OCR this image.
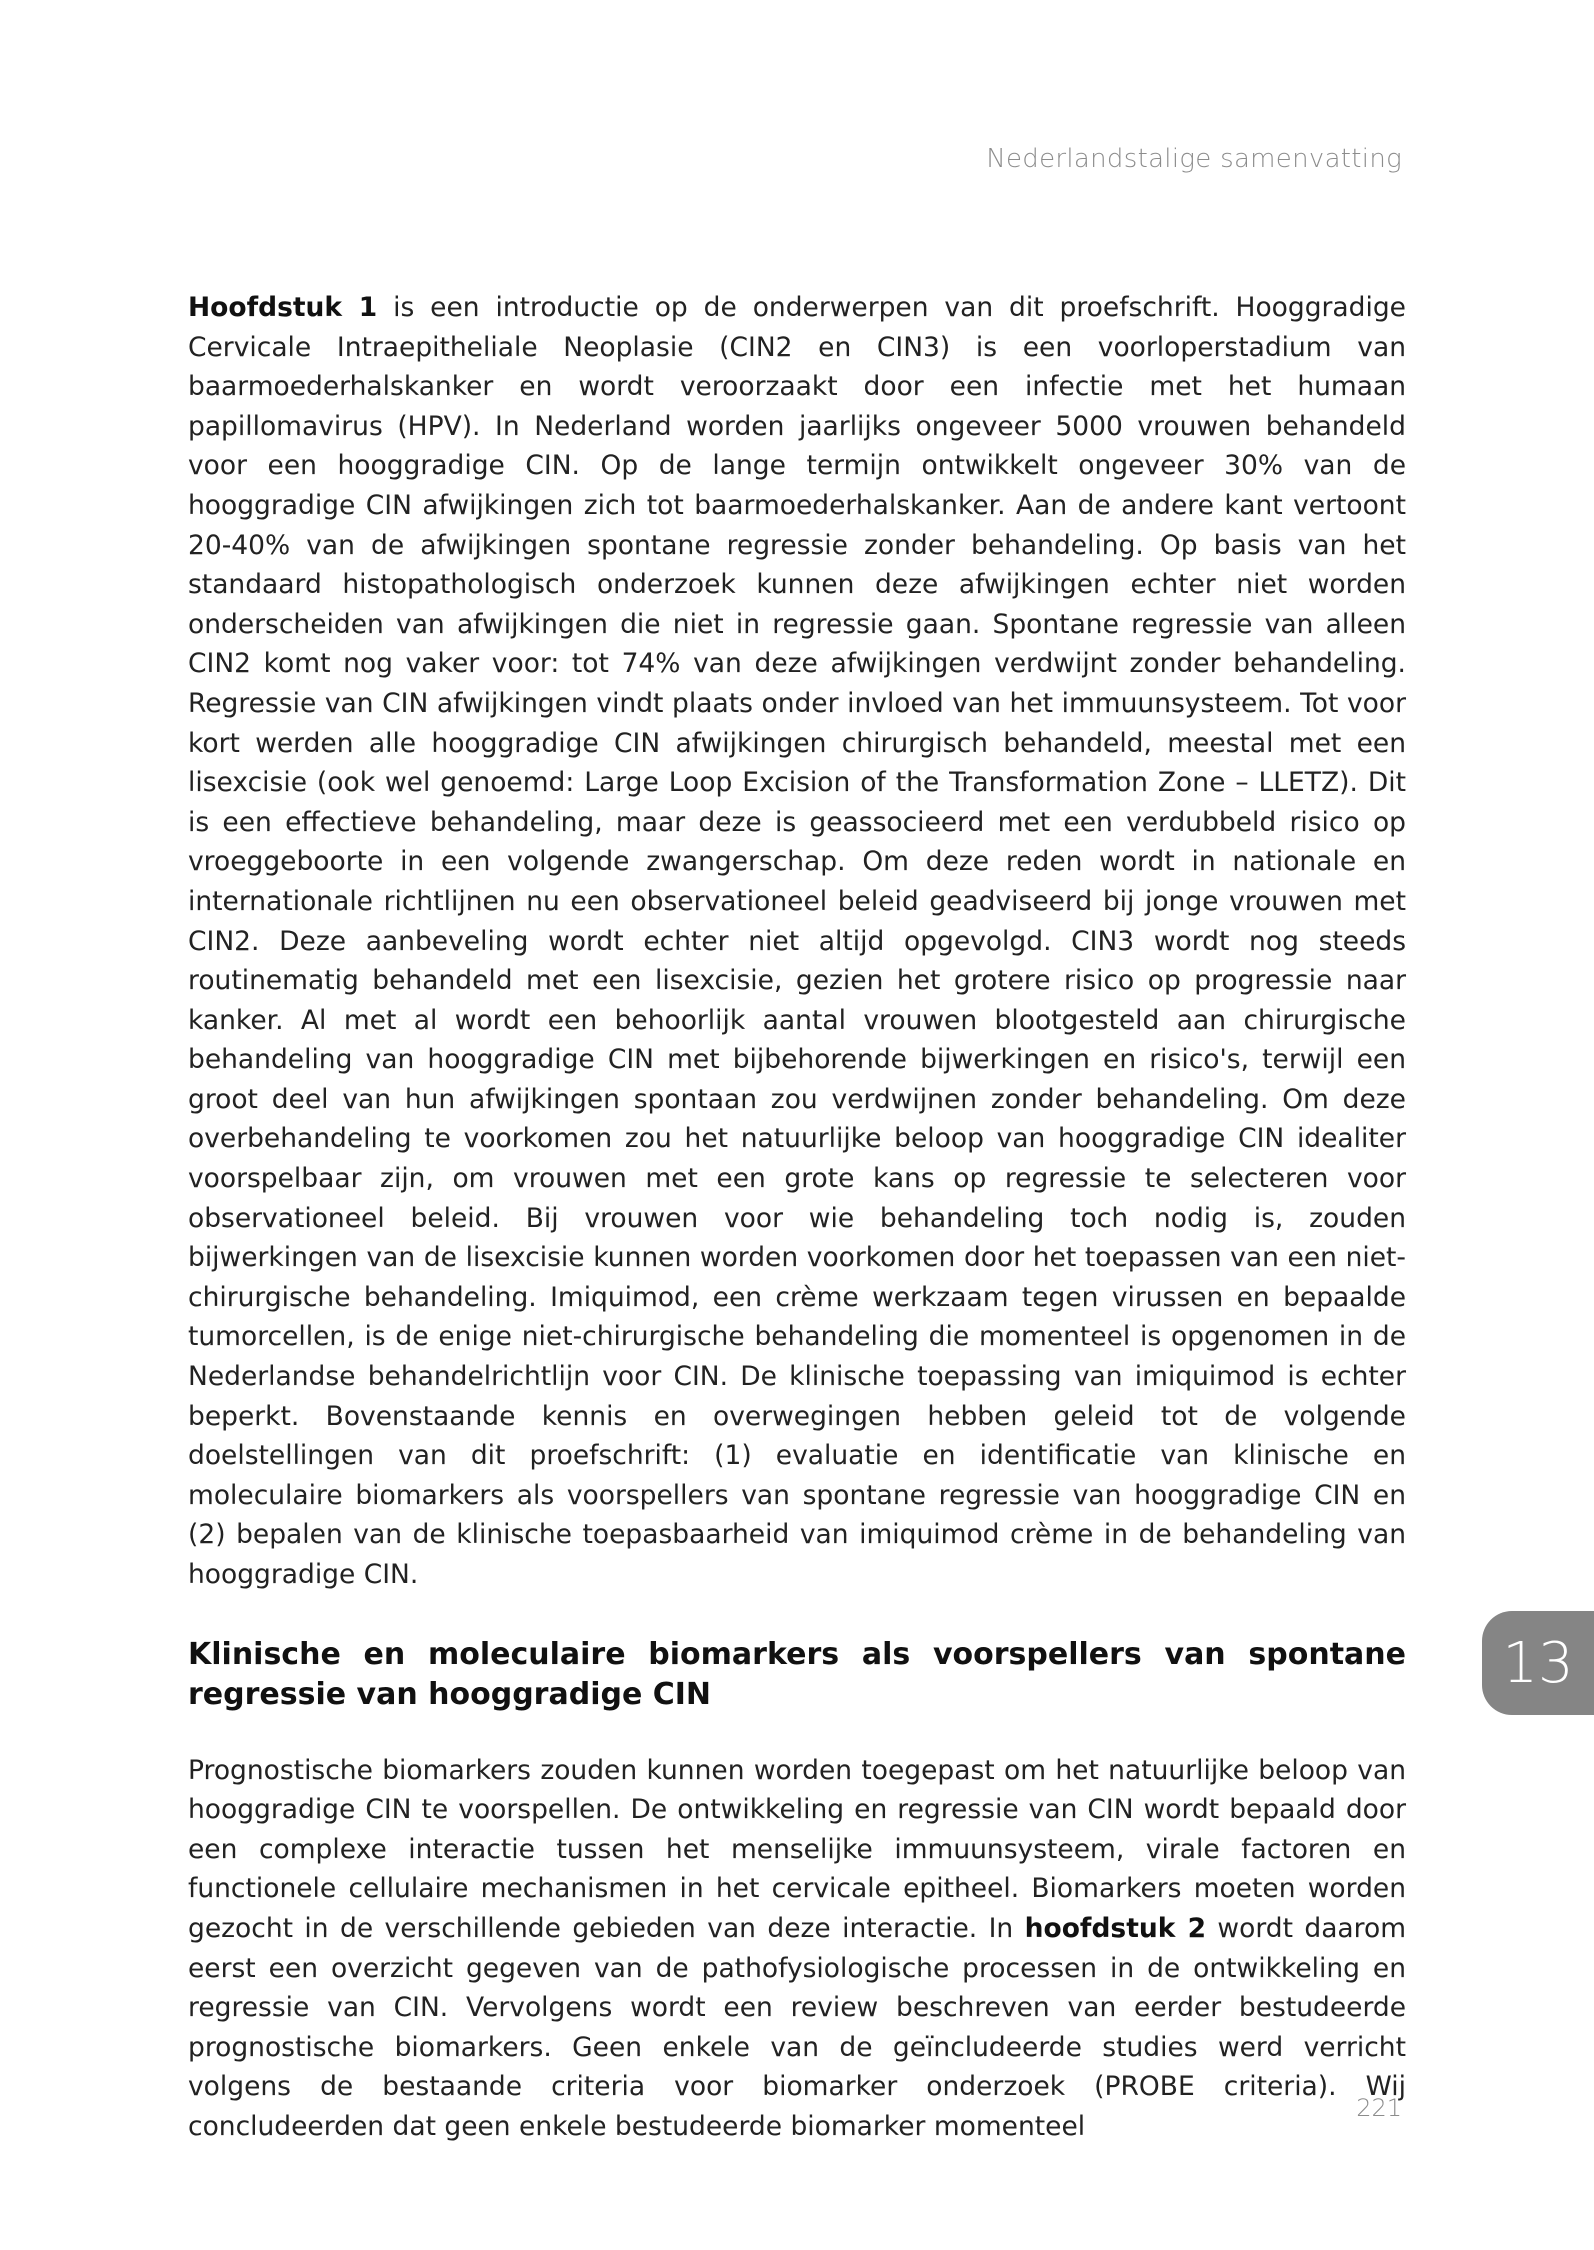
Nederlandstalige samenvatting

Hoofdstuk 1 is een introductie op de onderwerpen van dit proefschrift. Hooggradige Cervicale Intraepitheliale Neoplasie (CIN2 en CIN3) is een voorloperstadium van baarmoederhalskanker en wordt veroorzaakt door een infectie met het humaan papillomavirus (HPV). In Nederland worden jaarlijks ongeveer 5000 vrouwen behandeld voor een hooggradige CIN. Op de lange termijn ontwikkelt ongeveer 30% van de hooggradige CIN afwijkingen zich tot baarmoederhalskanker. Aan de andere kant vertoont 20-40% van de afwijkingen spontane regressie zonder behandeling. Op basis van het standaard histopathologisch onderzoek kunnen deze afwijkingen echter niet worden onderscheiden van afwijkingen die niet in regressie gaan. Spontane regressie van alleen CIN2 komt nog vaker voor: tot 74% van deze afwijkingen verdwijnt zonder behandeling. Regressie van CIN afwijkingen vindt plaats onder invloed van het immuunsysteem. Tot voor kort werden alle hooggradige CIN afwijkingen chirurgisch behandeld, meestal met een lisexcisie (ook wel genoemd: Large Loop Excision of the Transformation Zone – LLETZ). Dit is een effectieve behandeling, maar deze is geassocieerd met een verdubbeld risico op vroeggeboorte in een volgende zwangerschap. Om deze reden wordt in nationale en internationale richtlijnen nu een observationeel beleid geadviseerd bij jonge vrouwen met CIN2. Deze aanbeveling wordt echter niet altijd opgevolgd. CIN3 wordt nog steeds routinematig behandeld met een lisexcisie, gezien het grotere risico op progressie naar kanker. Al met al wordt een behoorlijk aantal vrouwen blootgesteld aan chirurgische behandeling van hooggradige CIN met bijbehorende bijwerkingen en risico's, terwijl een groot deel van hun afwijkingen spontaan zou verdwijnen zonder behandeling. Om deze overbehandeling te voorkomen zou het natuurlijke beloop van hooggradige CIN idealiter voorspelbaar zijn, om vrouwen met een grote kans op regressie te selecteren voor observationeel beleid. Bij vrouwen voor wie behandeling toch nodig is, zouden bijwerkingen van de lisexcisie kunnen worden voorkomen door het toepassen van een niet-chirurgische behandeling. Imiquimod, een crème werkzaam tegen virussen en bepaalde tumorcellen, is de enige niet-chirurgische behandeling die momenteel is opgenomen in de Nederlandse behandelrichtlijn voor CIN. De klinische toepassing van imiquimod is echter beperkt. Bovenstaande kennis en overwegingen hebben geleid tot de volgende doelstellingen van dit proefschrift: (1) evaluatie en identificatie van klinische en moleculaire biomarkers als voorspellers van spontane regressie van hooggradige CIN en (2) bepalen van de klinische toepasbaarheid van imiquimod crème in de behandeling van hooggradige CIN.

Klinische en moleculaire biomarkers als voorspellers van spontane regressie van hooggradige CIN

Prognostische biomarkers zouden kunnen worden toegepast om het natuurlijke beloop van hooggradige CIN te voorspellen. De ontwikkeling en regressie van CIN wordt bepaald door een complexe interactie tussen het menselijke immuunsysteem, virale factoren en functionele cellulaire mechanismen in het cervicale epitheel. Biomarkers moeten worden gezocht in de verschillende gebieden van deze interactie. In hoofdstuk 2 wordt daarom eerst een overzicht gegeven van de pathofysiologische processen in de ontwikkeling en regressie van CIN. Vervolgens wordt een review beschreven van eerder bestudeerde prognostische biomarkers. Geen enkele van de geïncludeerde studies werd verricht volgens de bestaande criteria voor biomarker onderzoek (PROBE criteria). Wij concludeerden dat geen enkele bestudeerde biomarker momenteel

13
221
